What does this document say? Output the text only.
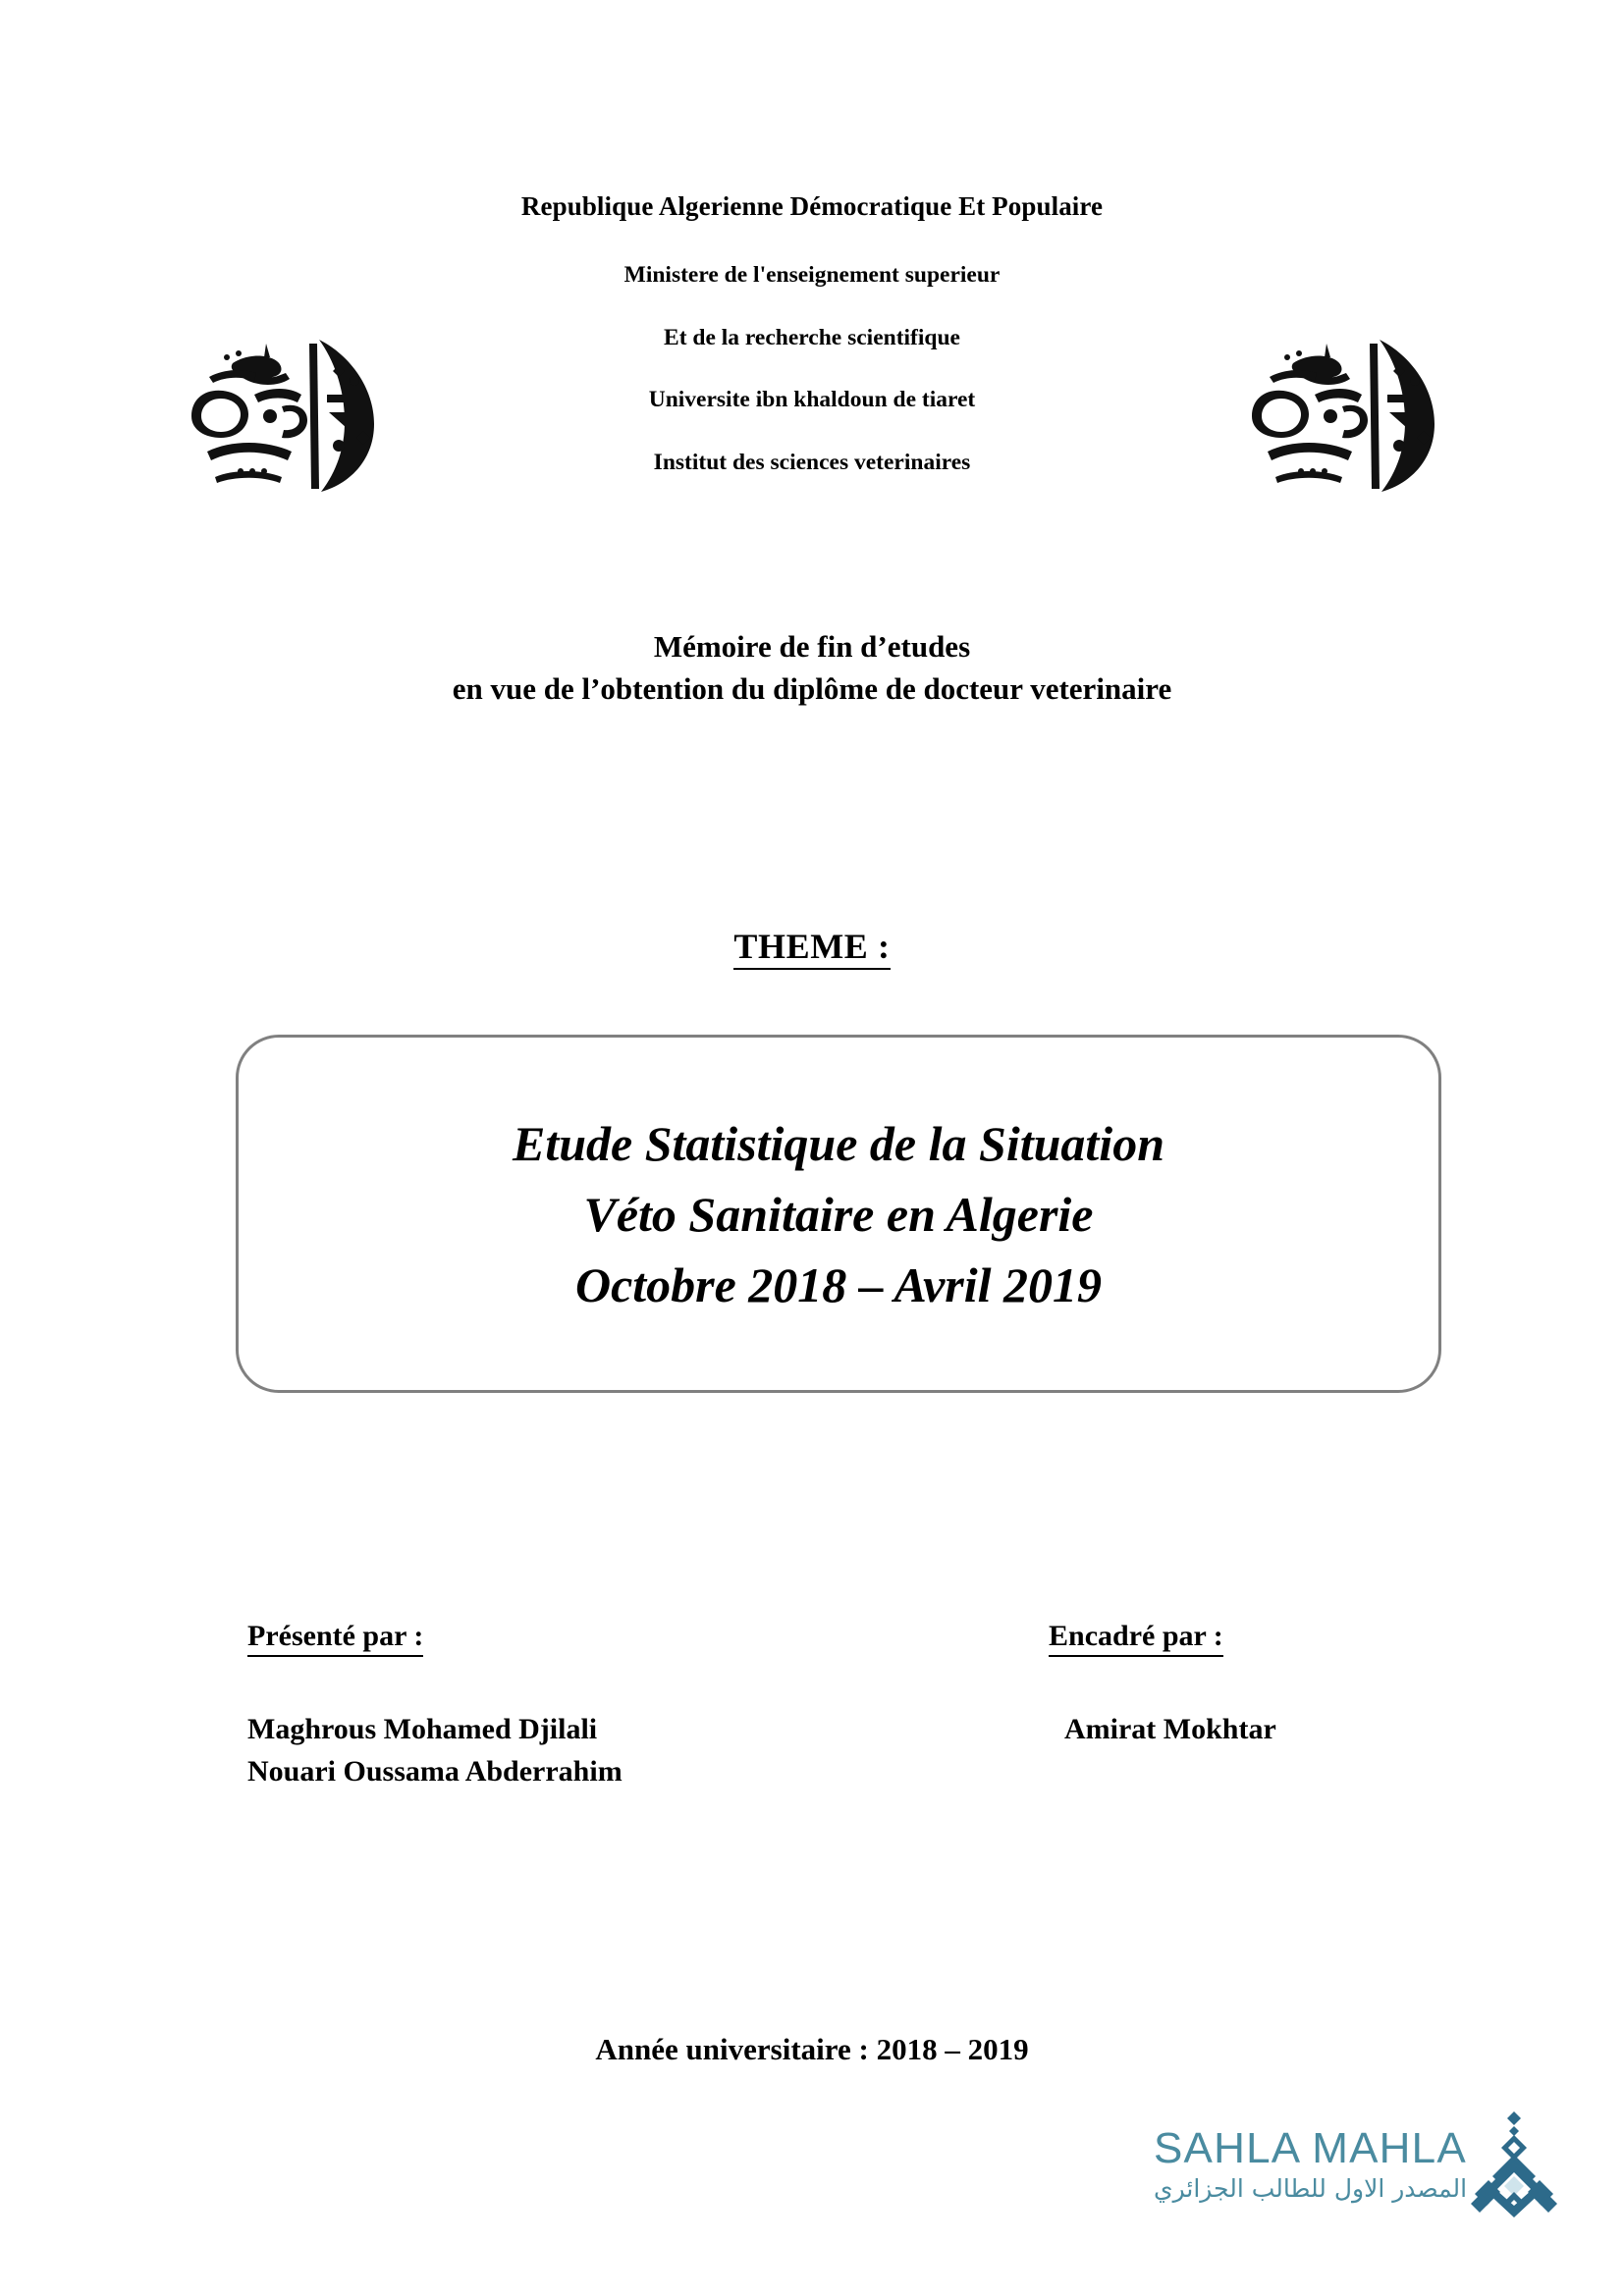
Republique Algerienne Démocratique Et Populaire
Ministere de l'enseignement superieur
Et de la recherche scientifique
Universite ibn khaldoun de tiaret
Institut des sciences veterinaires
Mémoire de fin d’etudes
en vue de l’obtention du diplôme de docteur veterinaire
THEME :
Etude Statistique de la Situation
Véto Sanitaire en Algerie
Octobre 2018 – Avril 2019
Présenté par :
Maghrous Mohamed Djilali
Nouari Oussama Abderrahim
Encadré par :
Amirat Mokhtar
Année universitaire : 2018 – 2019
SAHLA MAHLA
المصدر الاول للطالب الجزائري
